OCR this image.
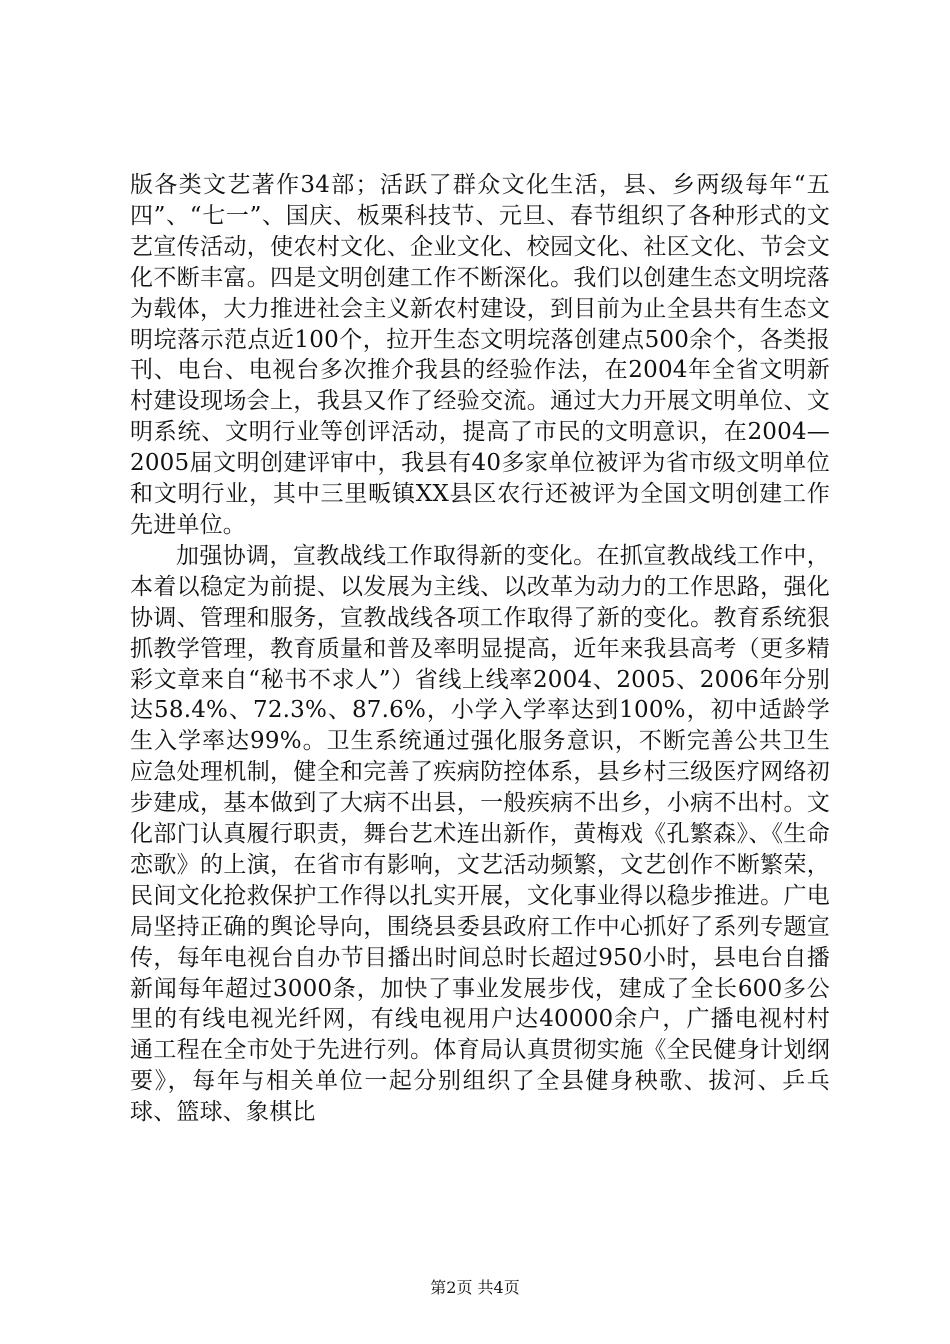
版各类文艺著作34部；活跃了群众文化生活，县、乡两级每年“五四”、“七一”、国庆、板栗科技节、元旦、春节组织了各种形式的文艺宣传活动，使农村文化、企业文化、校园文化、社区文化、节会文化不断丰富。四是文明创建工作不断深化。我们以创建生态文明垸落为载体，大力推进社会主义新农村建设，到目前为止全县共有生态文明垸落示范点近100个，拉开生态文明垸落创建点500余个，各类报刊、电台、电视台多次推介我县的经验作法，在2004年全省文明新村建设现场会上，我县又作了经验交流。通过大力开展文明单位、文明系统、文明行业等创评活动，提高了市民的文明意识，在2004—2005届文明创建评审中，我县有40多家单位被评为省市级文明单位和文明行业，其中三里畈镇XX县区农行还被评为全国文明创建工作先进单位。

加强协调，宣教战线工作取得新的变化。在抓宣教战线工作中，本着以稳定为前提、以发展为主线、以改革为动力的工作思路，强化协调、管理和服务，宣教战线各项工作取得了新的变化。教育系统狠抓教学管理，教育质量和普及率明显提高，近年来我县高考（更多精彩文章来自“秘书不求人”）省线上线率2004、2005、2006年分别达58.4%、72.3%、87.6%，小学入学率达到100%，初中适龄学生入学率达99%。卫生系统通过强化服务意识，不断完善公共卫生应急处理机制，健全和完善了疾病防控体系，县乡村三级医疗网络初步建成，基本做到了大病不出县，一般疾病不出乡，小病不出村。文化部门认真履行职责，舞台艺术连出新作，黄梅戏《孔繁森》、《生命恋歌》的上演，在省市有影响，文艺活动频繁，文艺创作不断繁荣，民间文化抢救保护工作得以扎实开展，文化事业得以稳步推进。广电局坚持正确的舆论导向，围绕县委县政府工作中心抓好了系列专题宣传，每年电视台自办节目播出时间总时长超过950小时，县电台自播新闻每年超过3000条，加快了事业发展步伐，建成了全长600多公里的有线电视光纤网，有线电视用户达40000余户，广播电视村村通工程在全市处于先进行列。体育局认真贯彻实施《全民健身计划纲要》，每年与相关单位一起分别组织了全县健身秧歌、拔河、乒乓球、篮球、象棋比

第2页 共4页
